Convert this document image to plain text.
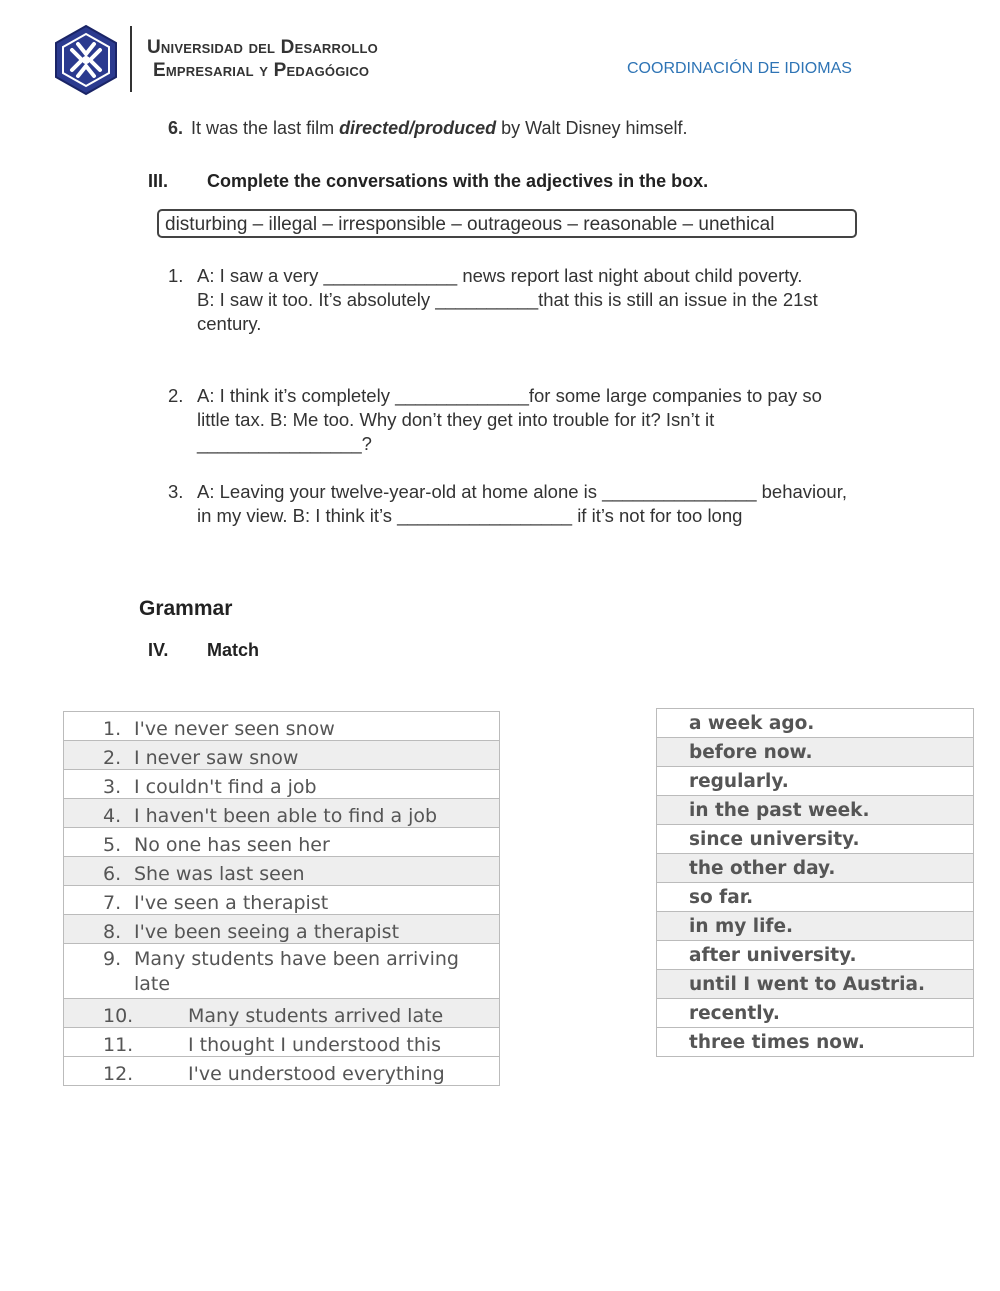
Universidad del Desarrollo
Empresarial y Pedagógico	COORDINACIÓN DE IDIOMAS
6. It was the last film directed/produced by Walt Disney himself.
III. Complete the conversations with the adjectives in the box.
disturbing – illegal – irresponsible – outrageous – reasonable – unethical
1. A: I saw a very _____________ news report last night about child poverty.
B: I saw it too. It’s absolutely __________that this is still an issue in the 21st century.
2. A: I think it’s completely _____________for some large companies to pay so little tax. B: Me too. Why don’t they get into trouble for it? Isn’t it ________________?
3. A: Leaving your twelve-year-old at home alone is _______________ behaviour, in my view. B: I think it’s _________________ if it’s not for too long
Grammar
IV. Match
1. I've never seen snow
2. I never saw snow
3. I couldn't find a job
4. I haven't been able to find a job
5. No one has seen her
6. She was last seen
7. I've seen a therapist
8. I've been seeing a therapist
9. Many students have been arriving late
10.	Many students arrived late
11.	I thought I understood this
12.	I've understood everything
a week ago.
before now.
regularly.
in the past week.
since university.
the other day.
so far.
in my life.
after university.
until I went to Austria.
recently.
three times now.
